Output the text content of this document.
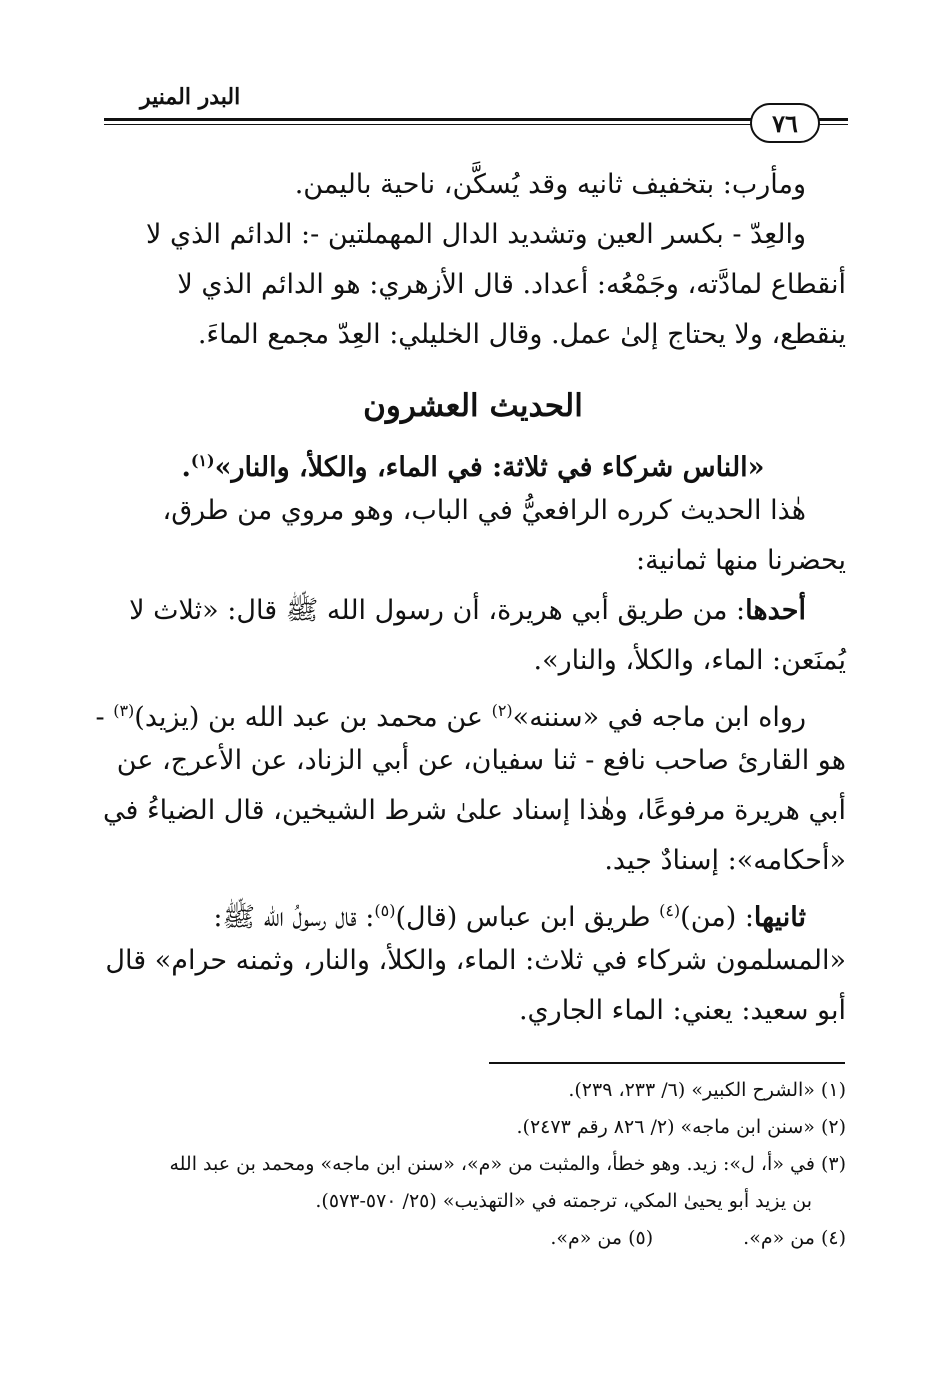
البدر المنير
٧٦
ومأرب: بتخفيف ثانيه وقد يُسكَّن، ناحية باليمن.
والعِدّ - بكسر العين وتشديد الدال المهملتين -: الدائم الذي لا
أنقطاع لمادَّته، وجَمْعُه: أعداد. قال الأزهري: هو الدائم الذي لا
ينقطع، ولا يحتاج إلىٰ عمل. وقال الخليلي: العِدّ مجمع الماءَ.
الحديث العشرون
«الناس شركاء في ثلاثة: في الماء، والكلأ، والنار»$^{(١)}$.
هٰذا الحديث كرره الرافعيُّ في الباب، وهو مروي من طرق،
يحضرنا منها ثمانية:
أحدها: من طريق أبي هريرة، أن رسول الله ﷺ قال: «ثلاث لا
يُمنَعن: الماء، والكلأ، والنار».
رواه ابن ماجه في «سننه»$^{(٢)}$ عن محمد بن عبد الله بن (يزيد)$^{(٣)}$ -
هو القارئ صاحب نافع - ثنا سفيان، عن أبي الزناد، عن الأعرج، عن
أبي هريرة مرفوعًا، وهٰذا إسناد علىٰ شرط الشيخين، قال الضياءُ في
«أحكامه»: إسنادٌ جيد.
ثانيها: (من)$^{(٤)}$ طريق ابن عباس (قال)$^{(٥)}$: قال رسولُ الله ﷺ:
«المسلمون شركاء في ثلاث: الماء، والكلأ، والنار، وثمنه حرام» قال
أبو سعيد: يعني: الماء الجاري.
(١) «الشرح الكبير» (٦/ ٢٣٣، ٢٣٩).
(٢) «سنن ابن ماجه» (٢/ ٨٢٦ رقم ٢٤٧٣).
(٣) في «أ، ل»: زيد. وهو خطأ، والمثبت من «م»، «سنن ابن ماجه» ومحمد بن عبد الله
بن يزيد أبو يحيىٰ المكي، ترجمته في «التهذيب» (٢٥/ ٥٧٠-٥٧٣).
(٤) من «م».
(٥) من «م».
